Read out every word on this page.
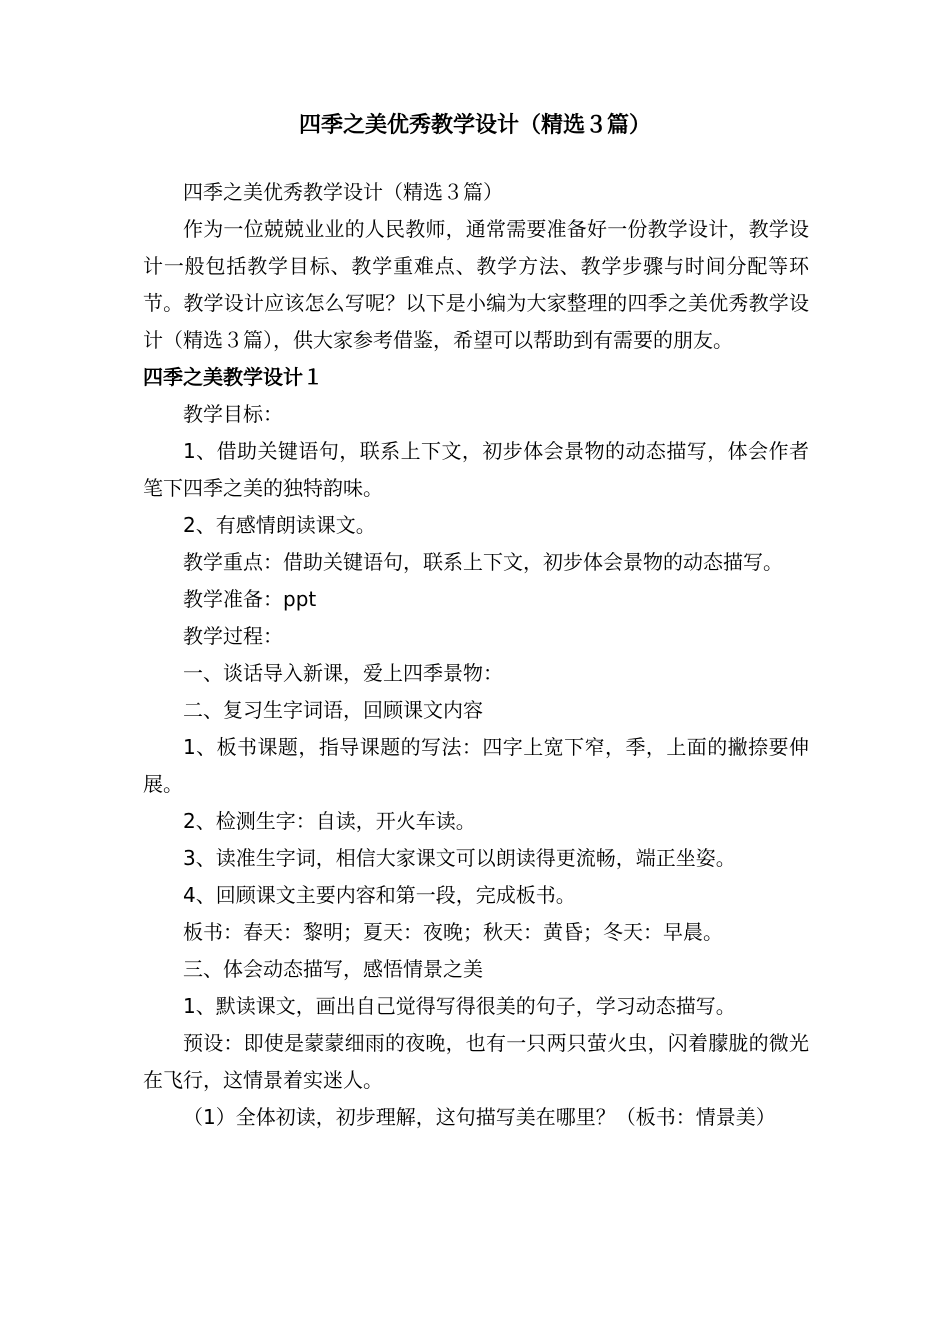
四季之美优秀教学设计（精选３篇）

四季之美优秀教学设计（精选３篇）

作为一位兢兢业业的人民教师，通常需要准备好一份教学设计，教学设计一般包括教学目标、教学重难点、教学方法、教学步骤与时间分配等环节。教学设计应该怎么写呢？以下是小编为大家整理的四季之美优秀教学设计（精选３篇），供大家参考借鉴，希望可以帮助到有需要的朋友。

四季之美教学设计１

教学目标：

1、借助关键语句，联系上下文，初步体会景物的动态描写，体会作者笔下四季之美的独特韵味。

2、有感情朗读课文。

教学重点：借助关键语句，联系上下文，初步体会景物的动态描写。

教学准备：ppt

教学过程：

一、谈话导入新课，爱上四季景物：

二、复习生字词语，回顾课文内容

1、板书课题，指导课题的写法：四字上宽下窄，季，上面的撇捺要伸展。

2、检测生字：自读，开火车读。

3、读准生字词，相信大家课文可以朗读得更流畅，端正坐姿。

4、回顾课文主要内容和第一段，完成板书。

板书：春天：黎明；夏天：夜晚；秋天：黄昏；冬天：早晨。

三、体会动态描写，感悟情景之美

1、默读课文，画出自己觉得写得很美的句子，学习动态描写。

预设：即使是蒙蒙细雨的夜晚，也有一只两只萤火虫，闪着朦胧的微光在飞行，这情景着实迷人。

（1）全体初读，初步理解，这句描写美在哪里？（板书：情景美）
